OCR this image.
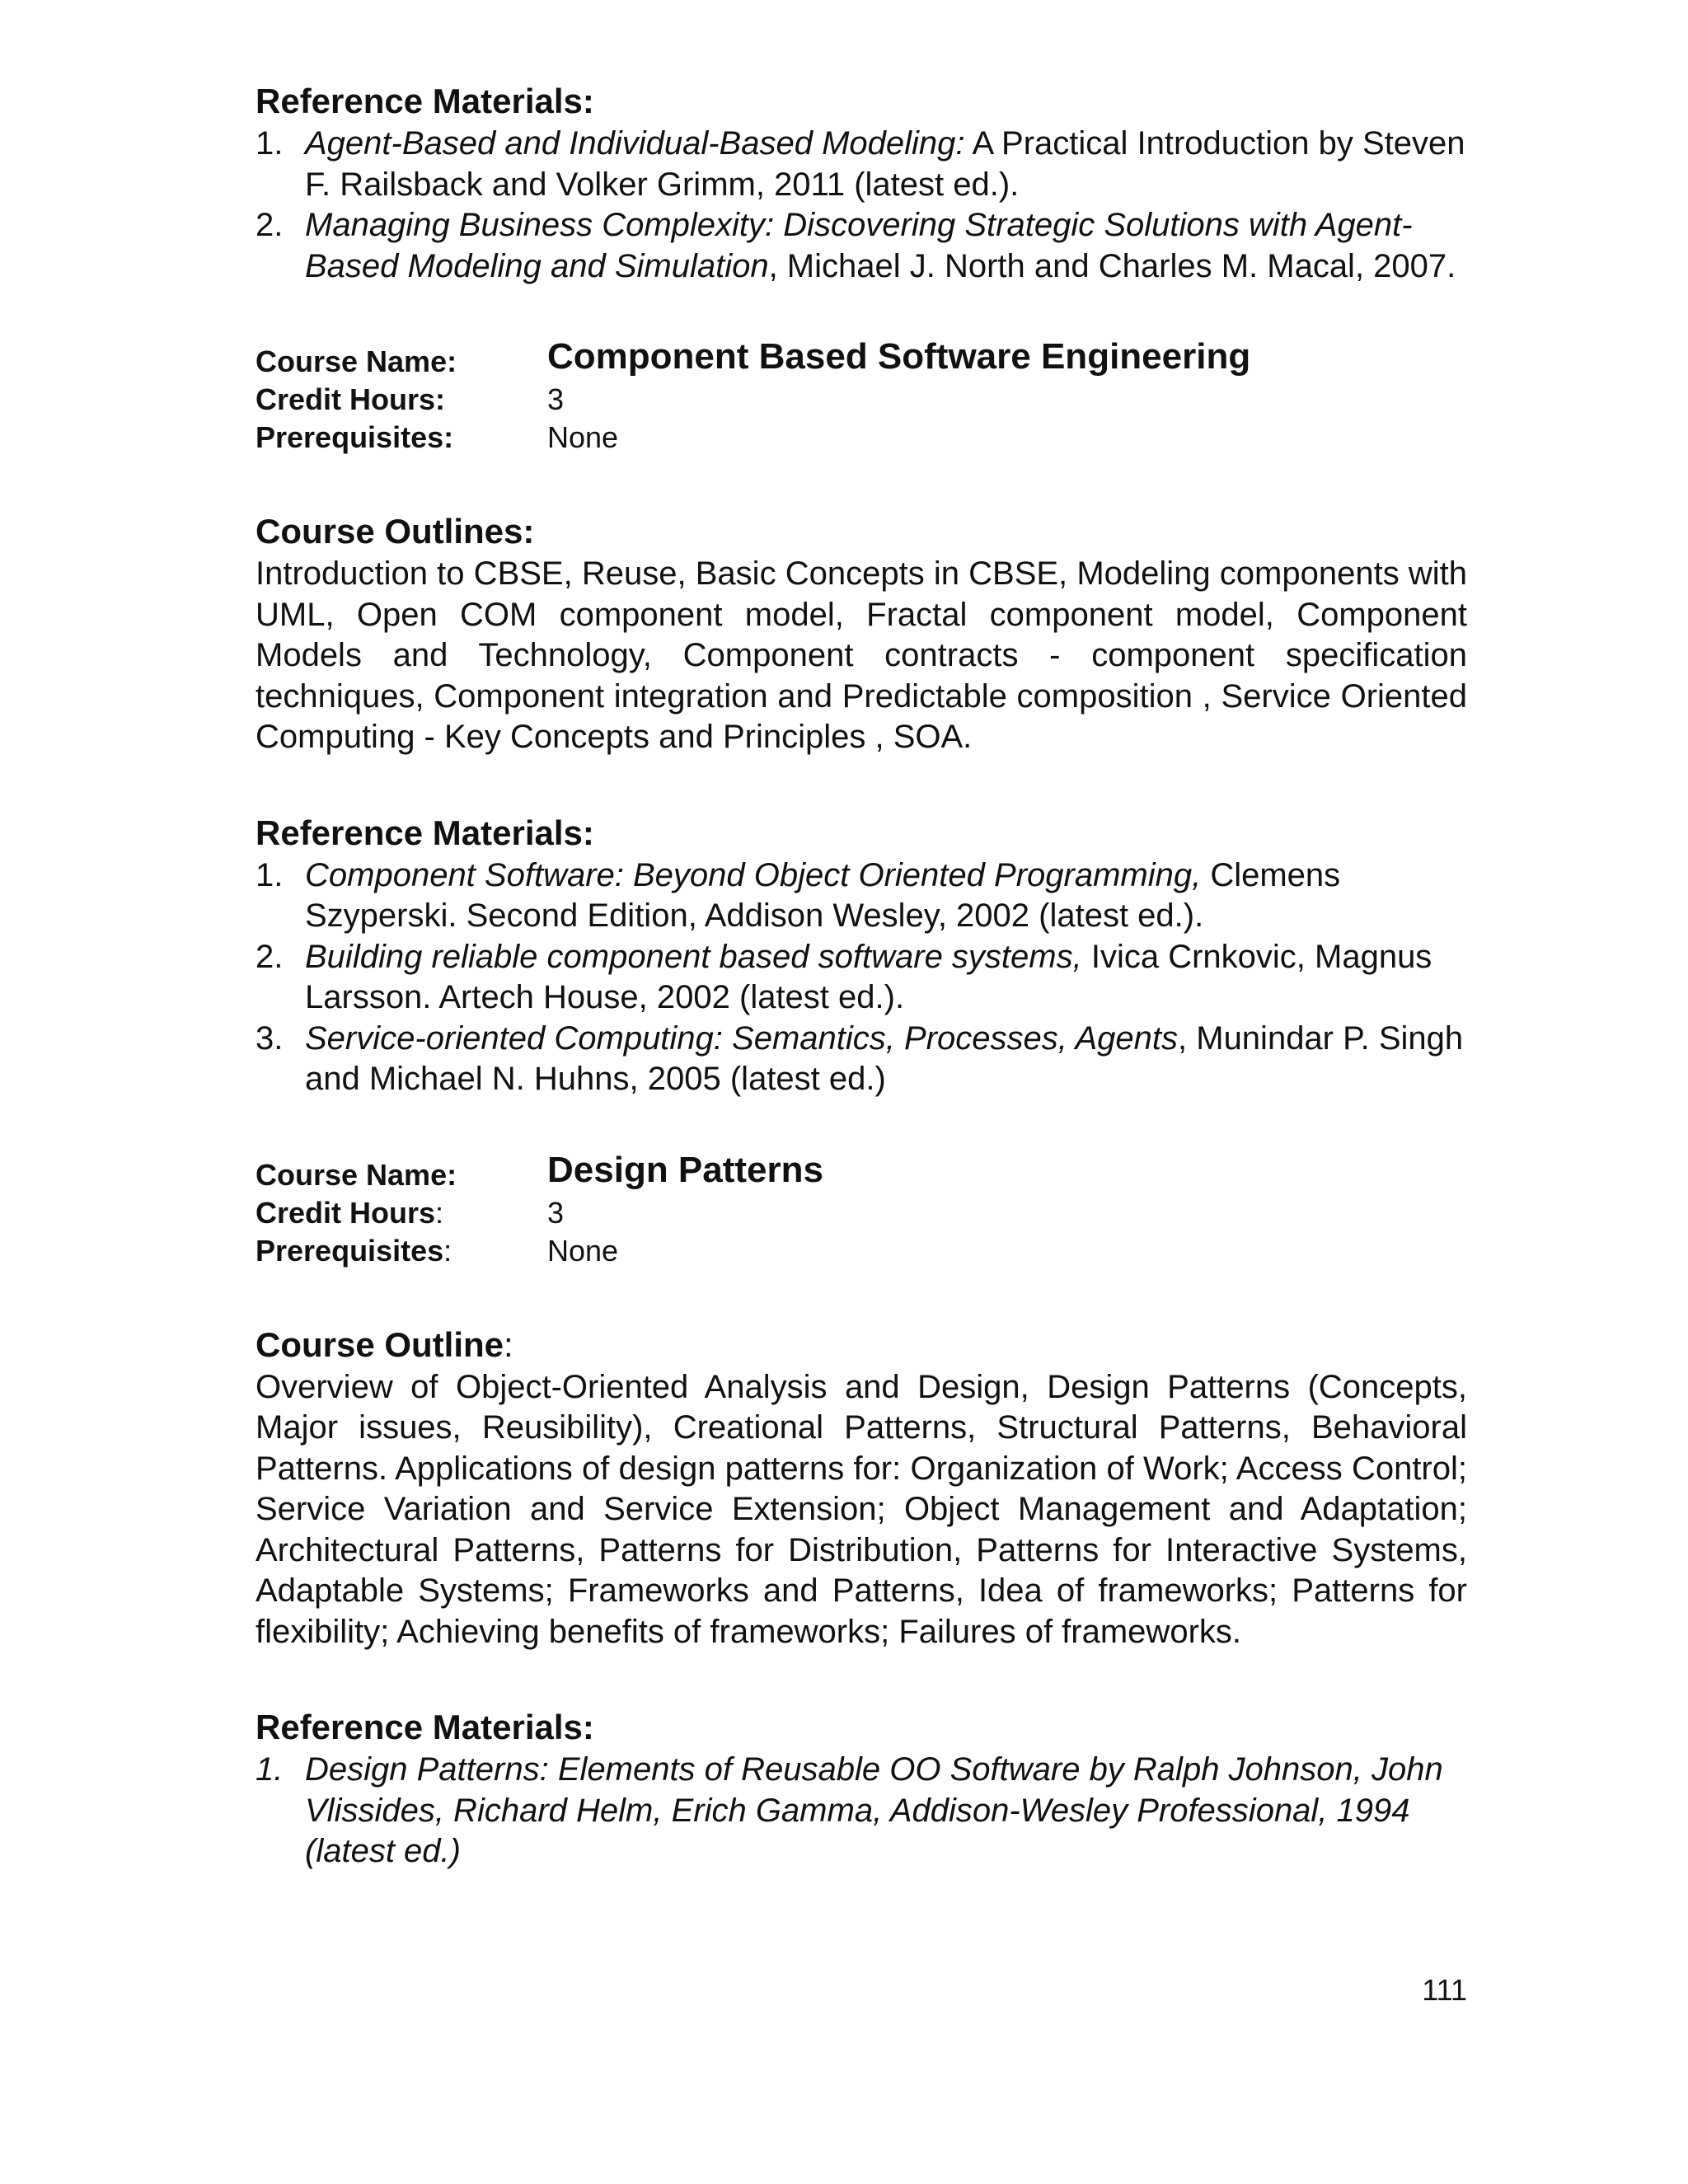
Reference Materials:
1. Agent-Based and Individual-Based Modeling: A Practical Introduction by Steven F. Railsback and Volker Grimm, 2011 (latest ed.).
2. Managing Business Complexity: Discovering Strategic Solutions with Agent-Based Modeling and Simulation, Michael J. North and Charles M. Macal, 2007.
Course Name: Component Based Software Engineering
Credit Hours:	3
Prerequisites:	None
Course Outlines:

Introduction to CBSE, Reuse, Basic Concepts in CBSE, Modeling components with UML, Open COM component model, Fractal component model, Component Models and Technology, Component contracts - component specification techniques, Component integration and Predictable composition , Service Oriented Computing - Key Concepts and Principles , SOA.

Reference Materials:
1. Component Software: Beyond Object Oriented Programming, Clemens Szyperski. Second Edition, Addison Wesley, 2002 (latest ed.).
2. Building reliable component based software systems, Ivica Crnkovic, Magnus Larsson. Artech House, 2002 (latest ed.).
3. Service-oriented Computing: Semantics, Processes, Agents, Munindar P. Singh and Michael N. Huhns, 2005 (latest ed.)
Course Name: Design Patterns
Credit Hours:	3
Prerequisites:	None
Course Outline:

Overview of Object-Oriented Analysis and Design, Design Patterns (Concepts, Major issues, Reusibility), Creational Patterns, Structural Patterns, Behavioral Patterns. Applications of design patterns for: Organization of Work; Access Control; Service Variation and Service Extension; Object Management and Adaptation; Architectural Patterns, Patterns for Distribution, Patterns for Interactive Systems, Adaptable Systems; Frameworks and Patterns, Idea of frameworks; Patterns for flexibility; Achieving benefits of frameworks; Failures of frameworks.

Reference Materials:
1. Design Patterns: Elements of Reusable OO Software by Ralph Johnson, John Vlissides, Richard Helm, Erich Gamma, Addison-Wesley Professional, 1994 (latest ed.)
111
